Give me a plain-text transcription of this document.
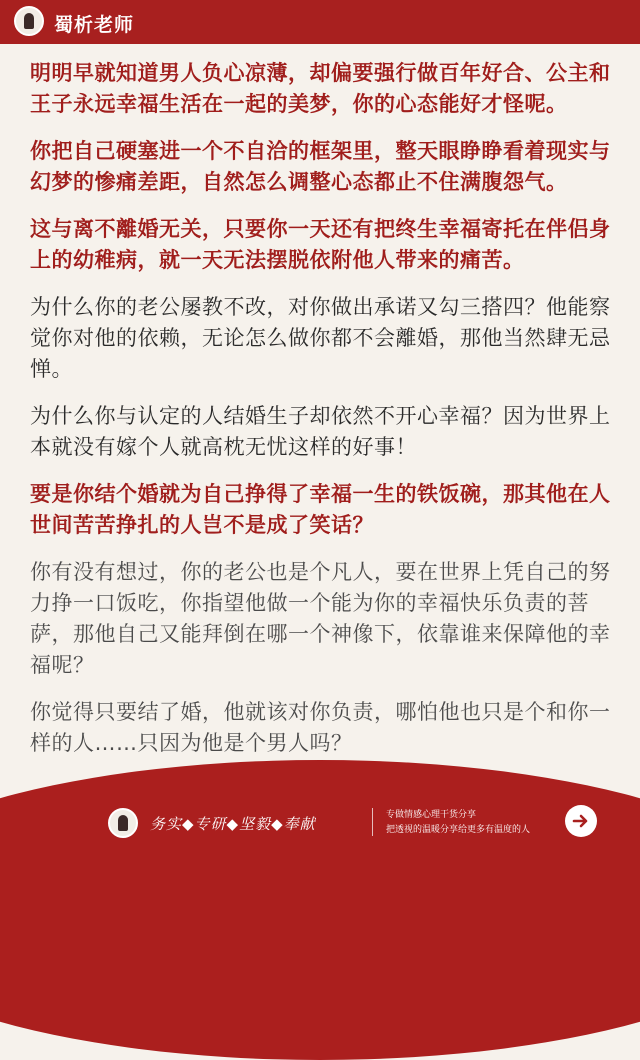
蜀析老师

明明早就知道男人负心凉薄，却偏要强行做百年好合、公主和王子永远幸福生活在一起的美梦，你的心态能好才怪呢。

你把自己硬塞进一个不自洽的框架里，整天眼睁睁看着现实与幻梦的惨痛差距，自然怎么调整心态都止不住满腹怨气。

这与离不離婚无关，只要你一天还有把终生幸福寄托在伴侣身上的幼稚病，就一天无法摆脱依附他人带来的痛苦。

为什么你的老公屡教不改，对你做出承诺又勾三搭四？他能察觉你对他的依赖，无论怎么做你都不会離婚，那他当然肆无忌惮。

为什么你与认定的人结婚生子却依然不开心幸福？因为世界上本就没有嫁个人就高枕无忧这样的好事！

要是你结个婚就为自己挣得了幸福一生的铁饭碗，那其他在人世间苦苦挣扎的人岂不是成了笑话？

你有没有想过，你的老公也是个凡人，要在世界上凭自己的努力挣一口饭吃，你指望他做一个能为你的幸福快乐负责的菩萨，那他自己又能拜倒在哪一个神像下，依靠谁来保障他的幸福呢？

你觉得只要结了婚，他就该对你负责，哪怕他也只是个和你一样的人……只因为他是个男人吗？

务实◆专研◆坚毅◆奉献	专做情感心理干货分享
把透视的温暖分享给更多有温度的人
